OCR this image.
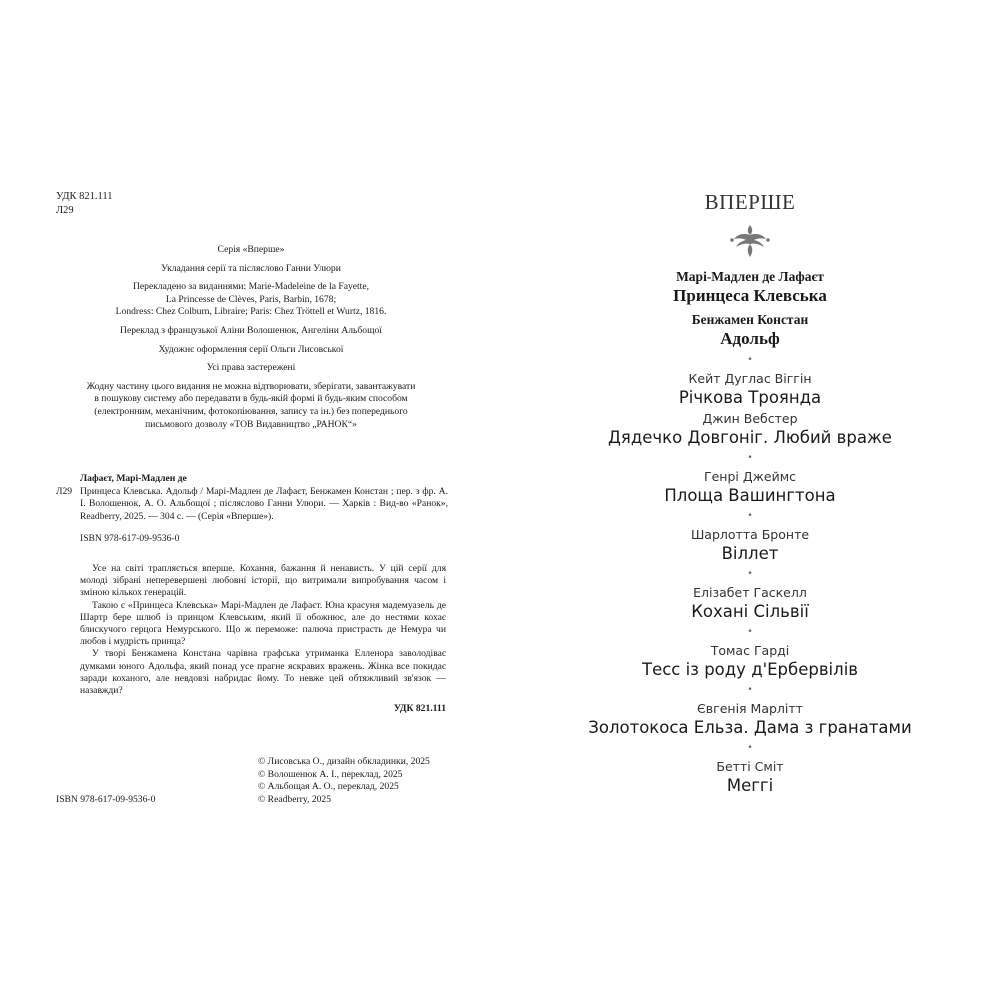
УДК 821.111
Л29

Серія «Вперше»

Укладання серії та післяслово Ганни Улюри

Перекладено за виданнями: Marie-Madeleine de la Fayette,
La Princesse de Clèves, Paris, Barbin, 1678;
Londress: Chez Colburn, Libraire; Paris: Chez Tröttell et Wurtz, 1816.

Переклад з французької Аліни Волошенюк, Ангеліни Альбощої

Художнє оформлення серії Ольги Лисовської

Усі права застережені

Жодну частину цього видання не можна відтворювати, зберігати, завантажувати
в пошукову систему або передавати в будь-якій формі й будь-яким способом
(електронним, механічним, фотокопіювання, запису та ін.) без попереднього
письмового дозволу «ТОВ Видавництво „РАНОК“»

Лафаєт, Марі-Мадлен де
Л29 Принцеса Клевська. Адольф / Марі-Мадлен де Лафаєт, Бенжамен Констан ; пер. з фр. А. І. Волошенюк, А. О. Альбощої ; післяслово Ганни Улюри. — Харків : Вид-во «Ранок», Readberry, 2025. — 304 с. — (Серія «Вперше»).
ISBN 978-617-09-9536-0

Усе на світі трапляється вперше. Кохання, бажання й ненависть. У цій серії для молоді зібрані неперевершені любовні історії, що витримали випробування часом і зміною кількох генерацій.

Такою є «Принцеса Клевська» Марі-Мадлен де Лафаєт. Юна красуня мадемуазель де Шартр бере шлюб із принцом Клевським, який її обожнює, але до нестями кохає блискучого герцога Немурського. Що ж переможе: палюча пристрасть де Немура чи любов і мудрість принца?

У творі Бенжамена Констана чарівна графська утриманка Елленора заволодіває думками юного Адольфа, який понад усе прагне яскравих вражень. Жінка все покидає заради коханого, але невдовзі набридає йому. То невже цей обтяжливий зв'язок — назавжди?

УДК 821.111
© Лисовська О., дизайн обкладинки, 2025
© Волошенюк А. І., переклад, 2025
© Альбощая А. О., переклад, 2025
© Readberry, 2025
ISBN 978-617-09-9536-0
ВПЕРШЕ
Марі-Мадлен де Лафаєт
Принцеса Клевська
Бенжамен Констан
Адольф
•
Кейт Дуглас Віггін
Річкова Троянда
Джин Вебстер
Дядечко Довгоніг. Любий враже
•
Генрі Джеймс
Площа Вашингтона
•
Шарлотта Бронте
Віллет
•
Елізабет Гаскелл
Кохані Сільвії
•
Томас Гарді
Тесс із роду д'Ербервілів
•
Євгенія Марлітт
Золотокоса Ельза. Дама з гранатами
•
Бетті Сміт
Меггі
